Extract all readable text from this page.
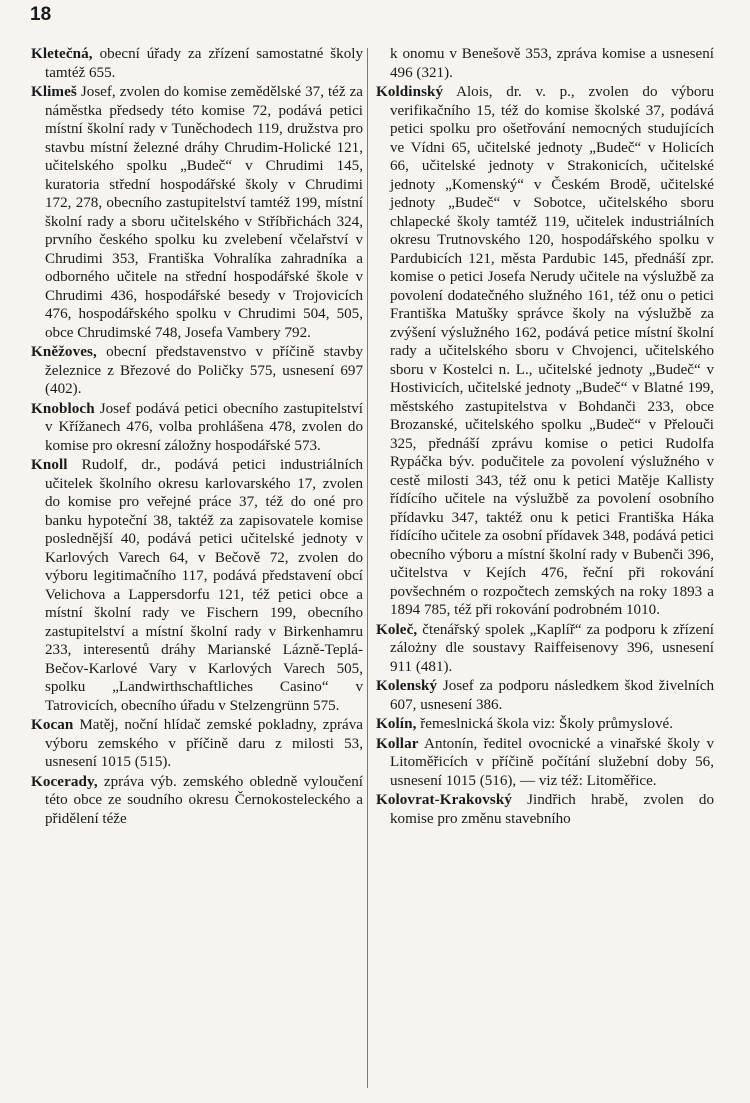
18

Kletečná, obecní úřady za zřízení samostatné školy tamtéž 655.

Klimeš Josef, zvolen do komise zemědělské 37, též za náměstka předsedy této komise 72, podává petici místní školní rady v Tuněchodech 119, družstva pro stavbu místní železné dráhy Chrudim-Holické 121, učitelského spolku „Budeč“ v Chrudimi 145, kuratoria střední hospodářské školy v Chrudimi 172, 278, obecního zastupitelství tamtéž 199, místní školní rady a sboru učitelského v Stříbřichách 324, prvního českého spolku ku zvelebení včelařství v Chrudimi 353, Františka Vohralíka zahradníka a odborného učitele na střední hospodářské škole v Chrudimi 436, hospodářské besedy v Trojovicích 476, hospodářského spolku v Chrudimi 504, 505, obce Chrudimské 748, Josefa Vambery 792.

Kněžoves, obecní představenstvo v příčině stavby železnice z Březové do Poličky 575, usnesení 697 (402).

Knobloch Josef podává petici obecního zastupitelství v Křížanech 476, volba prohlášena 478, zvolen do komise pro okresní záložny hospodářské 573.

Knoll Rudolf, dr., podává petici industriálních učitelek školního okresu karlovarského 17, zvolen do komise pro veřejné práce 37, též do oné pro banku hypoteční 38, taktéž za zapisovatele komise poslednější 40, podává petici učitelské jednoty v Karlových Varech 64, v Bečově 72, zvolen do výboru legitimačního 117, podává představení obcí Velichova a Lappersdorfu 121, též petici obce a místní školní rady ve Fischern 199, obecního zastupitelství a místní školní rady v Birkenhamru 233, interesentů dráhy Marianské Lázně-Teplá-Bečov-Karlové Vary v Karlových Varech 505, spolku „Landwirthschaftliches Casino“ v Tatrovicích, obecního úřadu v Stelzengrünn 575.

Kocan Matěj, noční hlídač zemské pokladny, zpráva výboru zemského v příčině daru z milosti 53, usnesení 1015 (515).

Kocerady, zpráva výb. zemského obledně vyloučení této obce ze soudního okresu Černokosteleckého a přidělení téže

k onomu v Benešově 353, zpráva komise a usnesení 496 (321).

Koldinský Alois, dr. v. p., zvolen do výboru verifikačního 15, též do komise školské 37, podává petici spolku pro ošetřování nemocných studujících ve Vídni 65, učitelské jednoty „Budeč“ v Holicích 66, učitelské jednoty v Strakonicích, učitelské jednoty „Komenský“ v Českém Brodě, učitelské jednoty „Budeč“ v Sobotce, učitelského sboru chlapecké školy tamtéž 119, učitelek industriálních okresu Trutnovského 120, hospodářského spolku v Pardubicích 121, města Pardubic 145, přednáší zpr. komise o petici Josefa Nerudy učitele na výslužbě za povolení dodatečného služného 161, též onu o petici Františka Matušky správce školy na výslužbě za zvýšení výslužného 162, podává petice místní školní rady a učitelského sboru v Chvojenci, učitelského sboru v Kostelci n. L., učitelské jednoty „Budeč“ v Hostivicích, učitelské jednoty „Budeč“ v Blatné 199, městského zastupitelstva v Bohdanči 233, obce Brozanské, učitelského spolku „Budeč“ v Přelouči 325, přednáší zprávu komise o petici Rudolfa Rypáčka býv. podučitele za povolení výslužného v cestě milosti 343, též onu k petici Matěje Kallisty řídícího učitele na výslužbě za povolení osobního přídavku 347, taktéž onu k petici Františka Háka řídícího učitele za osobní přídavek 348, podává petici obecního výboru a místní školní rady v Bubenči 396, učitelstva v Kejích 476, řeční při rokování povšechném o rozpočtech zemských na roky 1893 a 1894 785, též při rokování podrobném 1010.

Koleč, čtenářský spolek „Kaplíř“ za podporu k zřízení zálożny dle soustavy Raiffeisenovy 396, usnesení 911 (481).

Kolenský Josef za podporu následkem škod živelních 607, usnesení 386.

Kolín, řemeslnická škola viz: Školy průmyslové.

Kollar Antonín, ředitel ovocnické a vinařské školy v Litoměřicích v příčině počítání služební doby 56, usnesení 1015 (516), — viz též: Litoměřice.

Kolovrat-Krakovský Jindřich hrabě, zvolen do komise pro změnu stavebního
